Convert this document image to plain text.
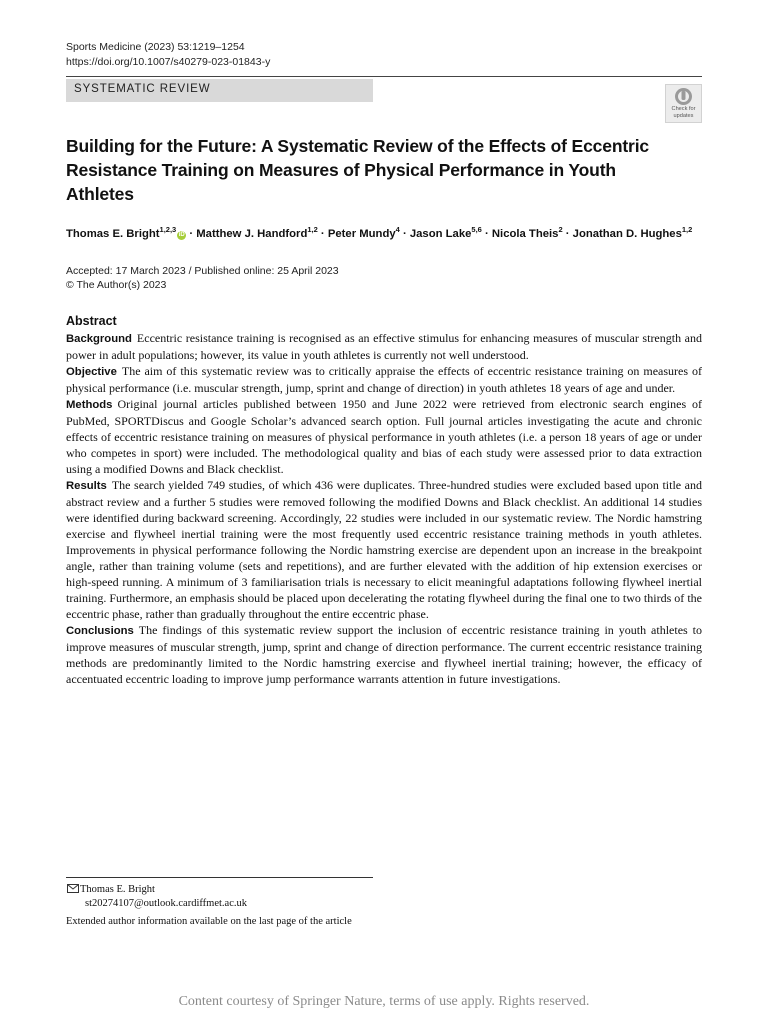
Sports Medicine (2023) 53:1219–1254
https://doi.org/10.1007/s40279-023-01843-y
SYSTEMATIC REVIEW
Check for
updates
Building for the Future: A Systematic Review of the Effects of Eccentric Resistance Training on Measures of Physical Performance in Youth Athletes
Thomas E. Bright$^{1,2,3}$iD · Matthew J. Handford$^{1,2}$ · Peter Mundy$^4$ · Jason Lake$^{5,6}$ · Nicola Theis$^2$ · Jonathan D. Hughes$^{1,2}$
Accepted: 17 March 2023 / Published online: 25 April 2023
© The Author(s) 2023
Abstract

Background Eccentric resistance training is recognised as an effective stimulus for enhancing measures of muscular strength and power in adult populations; however, its value in youth athletes is currently not well understood.

Objective The aim of this systematic review was to critically appraise the effects of eccentric resistance training on measures of physical performance (i.e. muscular strength, jump, sprint and change of direction) in youth athletes 18 years of age and under.

Methods Original journal articles published between 1950 and June 2022 were retrieved from electronic search engines of PubMed, SPORTDiscus and Google Scholar’s advanced search option. Full journal articles investigating the acute and chronic effects of eccentric resistance training on measures of physical performance in youth athletes (i.e. a person 18 years of age or under who competes in sport) were included. The methodological quality and bias of each study were assessed prior to data extraction using a modified Downs and Black checklist.

Results The search yielded 749 studies, of which 436 were duplicates. Three-hundred studies were excluded based upon title and abstract review and a further 5 studies were removed following the modified Downs and Black checklist. An additional 14 studies were identified during backward screening. Accordingly, 22 studies were included in our systematic review. The Nordic hamstring exercise and flywheel inertial training were the most frequently used eccentric resistance training methods in youth athletes. Improvements in physical performance following the Nordic hamstring exercise are dependent upon an increase in the breakpoint angle, rather than training volume (sets and repetitions), and are further elevated with the addition of hip extension exercises or high-speed running. A minimum of 3 familiarisation trials is necessary to elicit meaningful adaptations following flywheel inertial training. Furthermore, an emphasis should be placed upon decelerating the rotating flywheel during the final one to two thirds of the eccentric phase, rather than gradually throughout the entire eccentric phase.

Conclusions The findings of this systematic review support the inclusion of eccentric resistance training in youth athletes to improve measures of muscular strength, jump, sprint and change of direction performance. The current eccentric resistance training methods are predominantly limited to the Nordic hamstring exercise and flywheel inertial training; however, the efficacy of accentuated eccentric loading to improve jump performance warrants attention in future investigations.

Thomas E. Bright
st20274107@outlook.cardiffmet.ac.uk
Extended author information available on the last page of the article
Content courtesy of Springer Nature, terms of use apply. Rights reserved.
